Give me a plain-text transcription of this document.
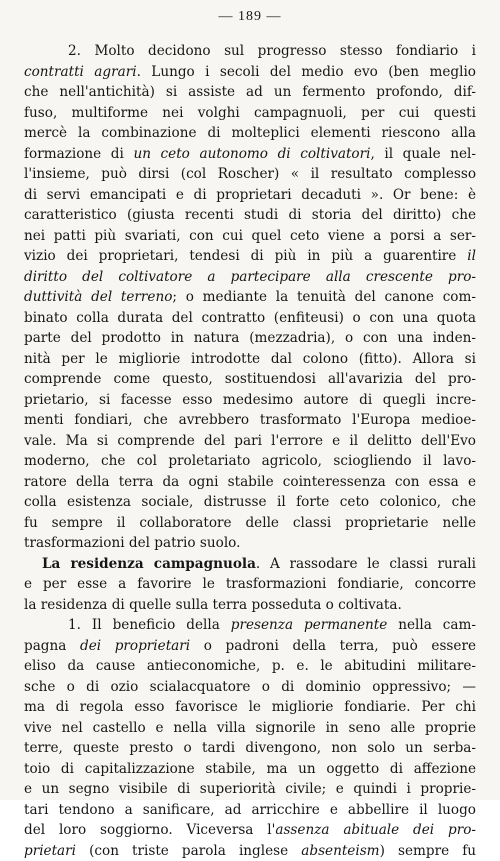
— 189 —
2. Molto decidono sul progresso stesso fondiario i
contratti agrari. Lungo i secoli del medio evo (ben meglio
che nell'antichità) si assiste ad un fermento profondo, dif-
fuso, multiforme nei volghi campagnuoli, per cui questi
mercè la combinazione di molteplici elementi riesconо alla
formazione di un ceto autonomo di coltivatori, il quale nel-
l'insieme, può dirsi (col Roscher) « il resultato complesso
di servi emancipati e di proprietari decaduti ». Or bene: è
caratteristico (giusta recenti studi di storia del diritto) che
nei patti più svariati, con cui quel ceto viene a porsi a ser-
vizio dei proprietari, tendesi di più in più a guarentire il
diritto del coltivatore a partecipare alla crescente pro-
duttività del terreno; o mediante la tenuità del canone com-
binato colla durata del contratto (enfiteusi) o con una quota
parte del prodotto in natura (mezzadria), o con una inden-
nità per le migliorie introdotte dal colono (fitto). Allora si
comprende come questo, sostituendosi all'avarizia del pro-
prietario, si facesse esso medesimo autore di quegli incre-
menti fondiari, che avrebbero trasformato l'Europa medioe-
vale. Ma si comprende del pari l'errore e il delitto dell'Evo
moderno, che col proletariato agricolo, sciogliendo il lavo-
ratore della terra da ogni stabile cointeressenza con essa e
colla esistenza sociale, distrusse il forte ceto colonico, che
fu sempre il collaboratore delle classi proprietarie nelle
trasformazioni del patrio suolo.
La residenza campagnuola. A rassodare le classi rurali
e per esse a favorire le trasformazioni fondiarie, concorre
la residenza di quelle sulla terra posseduta o coltivata.
1. Il beneficio della presenza permanente nella cam-
pagna dei proprietari o padroni della terra, può essere
eliso da cause antieconomiche, p. e. le abitudini militare-
sche o di ozio scialacquatore o di dominio oppressivo; —
ma di regola esso favorisce le migliorie fondiarie. Per chi
vive nel castello e nella villa signorile in seno alle proprie
terre, queste presto o tardi divengono, non solo un serba-
toio di capitalizzazione stabile, ma un oggetto di affezione
e un segno visibile di superiorità civile; e quindi i proprie-
tari tendono a sanificare, ad arricchire e abbellire il luogo
del loro soggiorno. Viceversa l'assenza abituale dei pro-
prietari (con triste parola inglese absenteism) sempre fu
